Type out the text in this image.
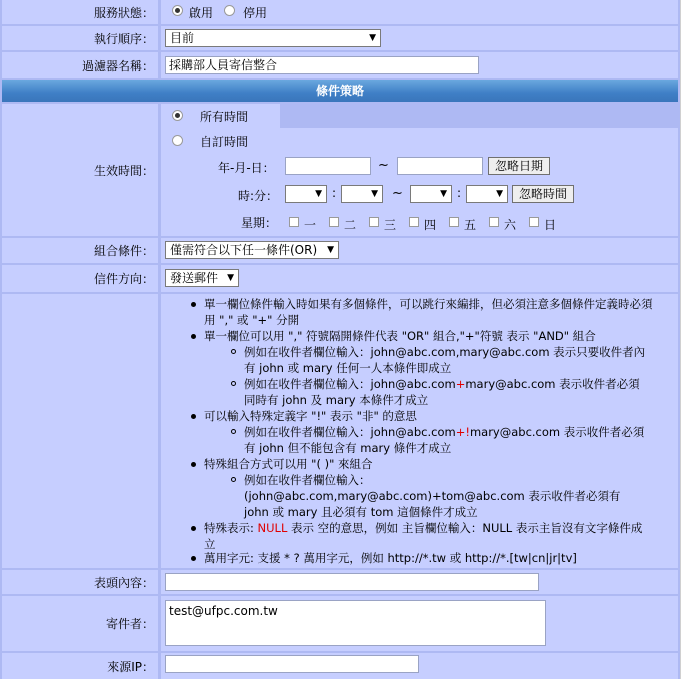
服務狀態：	啟用 停用
執行順序：	目前	▼
過濾器名稱：	採購部人員寄信整合
條件策略
生效時間：
所有時間
自訂時間
年-月-日：	~	忽略日期
時:分：	▼ :	▼ ~	▼ :	▼	忽略時間
星期： 一 二 三 四 五 六 日
組合條件：	僅需符合以下任一條件(OR) ▼
信件方向：	發送郵件 ▼
單一欄位條件輸入時如果有多個條件，可以跳行來編排，但必須注意多個條件定義時必須
用 "," 或 "+" 分開
單一欄位可以用 "," 符號隔開條件代表 "OR" 組合,"+"符號 表示 "AND" 組合
例如在收件者欄位輸入：john@abc.com,mary@abc.com 表示只要收件者內
有 john 或 mary 任何一人本條件即成立
例如在收件者欄位輸入：john@abc.com+mary@abc.com 表示收件者必須
同時有 john 及 mary 本條件才成立
可以輸入特殊定義字 "!" 表示 "非" 的意思
例如在收件者欄位輸入：john@abc.com+!mary@abc.com 表示收件者必須
有 john 但不能包含有 mary 條件才成立
特殊組合方式可以用 "( )" 來組合
例如在收件者欄位輸入：
(john@abc.com,mary@abc.com)+tom@abc.com 表示收件者必須有
john 或 mary 且必須有 tom 這個條件才成立
特殊表示: NULL 表示 空的意思，例如 主旨欄位輸入：NULL 表示主旨沒有文字條件成
立
萬用字元: 支援 * ? 萬用字元，例如 http://*.tw 或 http://*.[tw|cn|jr|tv]
表頭內容：
寄件者：
test@ufpc.com.tw
來源IP：
